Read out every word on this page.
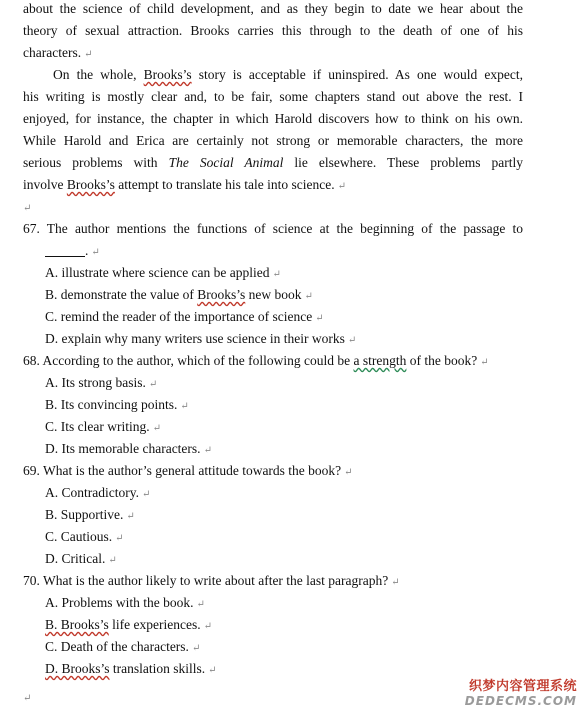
about the science of child development, and as they begin to date we hear about the
theory of sexual attraction. Brooks carries this through to the death of one of his
characters. ↵
On the whole, Brooks’s story is acceptable if uninspired. As one would expect,
his writing is mostly clear and, to be fair, some chapters stand out above the rest. I
enjoyed, for instance, the chapter in which Harold discovers how to think on his own.
While Harold and Erica are certainly not strong or memorable characters, the more
serious problems with The Social Animal lie elsewhere. These problems partly
involve Brooks’s attempt to translate his tale into science. ↵
↵
67. The author mentions the functions of science at the beginning of the passage to
. ↵
A. illustrate where science can be applied ↵
B. demonstrate the value of Brooks’s new book ↵
C. remind the reader of the importance of science ↵
D. explain why many writers use science in their works ↵
68. According to the author, which of the following could be a strength of the book? ↵
A. Its strong basis. ↵
B. Its convincing points. ↵
C. Its clear writing. ↵
D. Its memorable characters. ↵
69. What is the author’s general attitude towards the book? ↵
A. Contradictory. ↵
B. Supportive. ↵
C. Cautious. ↵
D. Critical. ↵
70. What is the author likely to write about after the last paragraph? ↵
A. Problems with the book. ↵
B. Brooks’s life experiences. ↵
C. Death of the characters. ↵
D. Brooks’s translation skills. ↵
↵
织梦内容管理系统
DEDECMS.COM
